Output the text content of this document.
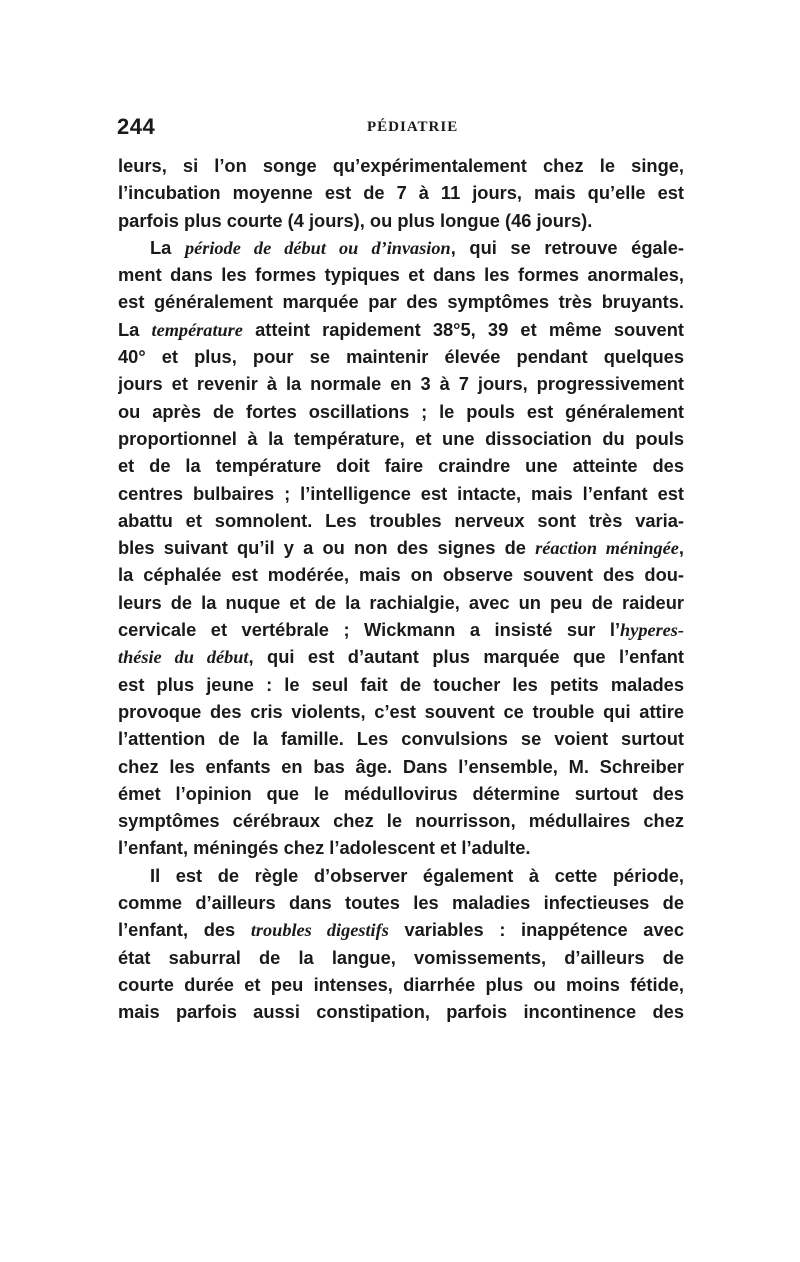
244	PÉDIATRIE
leurs, si l’on songe qu’expérimentalement chez le singe,
l’incubation moyenne est de 7 à 11 jours, mais qu’elle est
parfois plus courte (4 jours), ou plus longue (46 jours).
La période de début ou d’invasion, qui se retrouve égale-
ment dans les formes typiques et dans les formes anormales,
est généralement marquée par des symptômes très bruyants.
La température atteint rapidement 38°5, 39 et même souvent
40° et plus, pour se maintenir élevée pendant quelques
jours et revenir à la normale en 3 à 7 jours, progressivement
ou après de fortes oscillations ; le pouls est généralement
proportionnel à la température, et une dissociation du pouls
et de la température doit faire craindre une atteinte des
centres bulbaires ; l’intelligence est intacte, mais l’enfant est
abattu et somnolent. Les troubles nerveux sont très varia-
bles suivant qu’il y a ou non des signes de réaction méningée,
la céphalée est modérée, mais on observe souvent des dou-
leurs de la nuque et de la rachialgie, avec un peu de raideur
cervicale et vertébrale ; Wickmann a insisté sur l’hyperes-
thésie du début, qui est d’autant plus marquée que l’enfant
est plus jeune : le seul fait de toucher les petits malades
provoque des cris violents, c’est souvent ce trouble qui attire
l’attention de la famille. Les convulsions se voient surtout
chez les enfants en bas âge. Dans l’ensemble, M. Schreiber
émet l’opinion que le médullovirus détermine surtout des
symptômes cérébraux chez le nourrisson, médullaires chez
l’enfant, méningés chez l’adolescent et l’adulte.
Il est de règle d’observer également à cette période,
comme d’ailleurs dans toutes les maladies infectieuses de
l’enfant, des troubles digestifs variables : inappétence avec
état saburral de la langue, vomissements, d’ailleurs de
courte durée et peu intenses, diarrhée plus ou moins fétide,
mais parfois aussi constipation, parfois incontinence des
